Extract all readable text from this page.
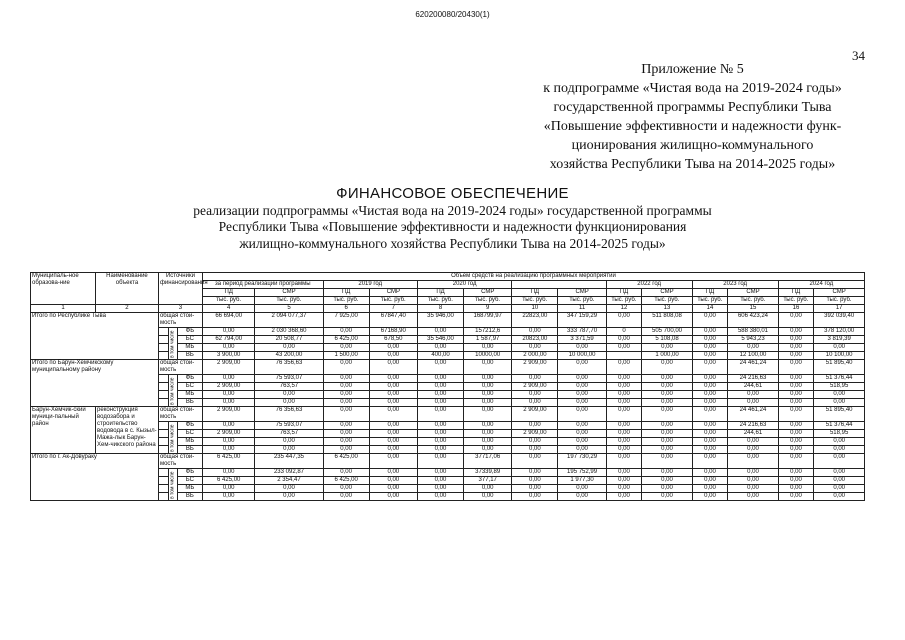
620200080/20430(1)
34
Приложение № 5
к подпрограмме «Чистая вода на 2019-2024 годы»
государственной программы Республики Тыва
«Повышение эффективности и надежности функ-
ционирования жилищно-коммунального
хозяйства Республики Тыва на 2014-2025 годы»
ФИНАНСОВОЕ ОБЕСПЕЧЕНИЕ
реализации подпрограммы «Чистая вода на 2019-2024 годы» государственной программы
Республики Тыва «Повышение эффективности и надежности функционирования
жилищно-коммунального хозяйства Республики Тыва на 2014-2025 годы»
Муниципаль-ное образова-ние	Наименование объекта	Источники финансирования			Объем средств на реализацию программных мероприятий													
					за период реализации программы		2019 год		2020 год				2022 год		2023 год		2024 год	
					ПД	СМР	ПД	СМР	ПД	СМР	ПД	СМР	ПД	СМР	ПД	СМР	ПД	СМР
					тыс. руб.	тыс. руб.	тыс. руб.	тыс. руб.	тыс. руб.	тыс. руб.	тыс. руб.	тыс. руб.	тыс. руб.	тыс. руб.	тыс. руб.	тыс. руб.	тыс. руб.	тыс. руб.
1	2	3			4	5	6	7	8	9	10	11	12	13	14	15	16	17
Итого по Республике Тыва		общая стои-мость			66 694,00	2 094 077,37	7 925,00	67847,40	35 946,00	168799,97	22823,00	347 159,29	0,00	511 808,08	0,00	606 423,24	0,00	392 039,40
			в том числе	ФБ	0,00	2 030 368,60	0,00	67168,90	0,00	157212,6	0,00	333 787,70	0	505 700,00	0,00	588 380,01	0,00	378 120,00
				БС	62 794,00	20 508,77	6 425,00	678,50	35 546,00	1 587,97	20823,00	3 371,59	0,00	5 108,08	0,00	5 943,23	0,00	3 819,39
				МБ	0,00	0,00	0,00	0,00	0,00	0,00	0,00	0,00	0,00	0,00	0,00	0,00	0,00	0,00
				ВБ	3 900,00	43 200,00	1 500,00	0,00	400,00	10000,00	2 000,00	10 000,00		1 000,00	0,00	12 100,00	0,00	10 100,00
Итого по Барун-Хемчикскому муниципальному району		общая стои-мость			2 909,00	76 356,63	0,00	0,00	0,00	0,00	2 909,00	0,00	0,00	0,00	0,00	24 461,24	0,00	51 895,40
			в том числе	ФБ	0,00	75 593,07	0,00	0,00	0,00	0,00	0,00	0,00	0,00	0,00	0,00	24 216,63	0,00	51 376,44
				БС	2 909,00	763,57	0,00	0,00	0,00	0,00	2 909,00	0,00	0,00	0,00	0,00	244,61	0,00	518,95
				МБ	0,00	0,00	0,00	0,00	0,00	0,00	0,00	0,00	0,00	0,00	0,00	0,00	0,00	0,00
				ВБ	0,00	0,00	0,00	0,00	0,00	0,00	0,00	0,00	0,00	0,00	0,00	0,00	0,00	0,00
Барун-Хемчик-ский муници-пальный район	реконструкция водозабора и строительство водовода в с. Кызыл-Мажа-лык Барун-Хем-чикского района	общая стои-мость			2 909,00	76 356,63	0,00	0,00	0,00	0,00	2 909,00	0,00	0,00	0,00	0,00	24 461,24	0,00	51 895,40
			в том числе	ФБ	0,00	75 593,07	0,00	0,00	0,00	0,00	0,00	0,00	0,00	0,00	0,00	24 216,63	0,00	51 376,44
				БС	2 909,00	763,57	0,00	0,00	0,00	0,00	2 909,00	0,00	0,00	0,00	0,00	244,61	0,00	518,95
				МБ	0,00	0,00	0,00	0,00	0,00	0,00	0,00	0,00	0,00	0,00	0,00	0,00	0,00	0,00
				ВБ	0,00	0,00	0,00	0,00	0,00	0,00	0,00	0,00	0,00	0,00	0,00	0,00	0,00	0,00
Итого по г. Ак-Довураку		общая стои-мость			6 425,00	235 447,35	6 425,00	0,00	0,00	37717,06	0,00	197 730,29	0,00	0,00	0,00	0,00	0,00	0,00
			в том числе	ФБ	0,00	233 092,87	0,00	0,00	0,00	37339,89	0,00	195 752,99	0,00	0,00	0,00	0,00	0,00	0,00
				БС	6 425,00	2 354,47	6 425,00	0,00	0,00	377,17	0,00	1 977,30	0,00	0,00	0,00	0,00	0,00	0,00
				МБ	0,00	0,00	0,00	0,00	0,00	0,00	0,00	0,00	0,00	0,00	0,00	0,00	0,00	0,00
				ВБ	0,00	0,00	0,00	0,00	0,00	0,00	0,00	0,00	0,00	0,00	0,00	0,00	0,00	0,00
